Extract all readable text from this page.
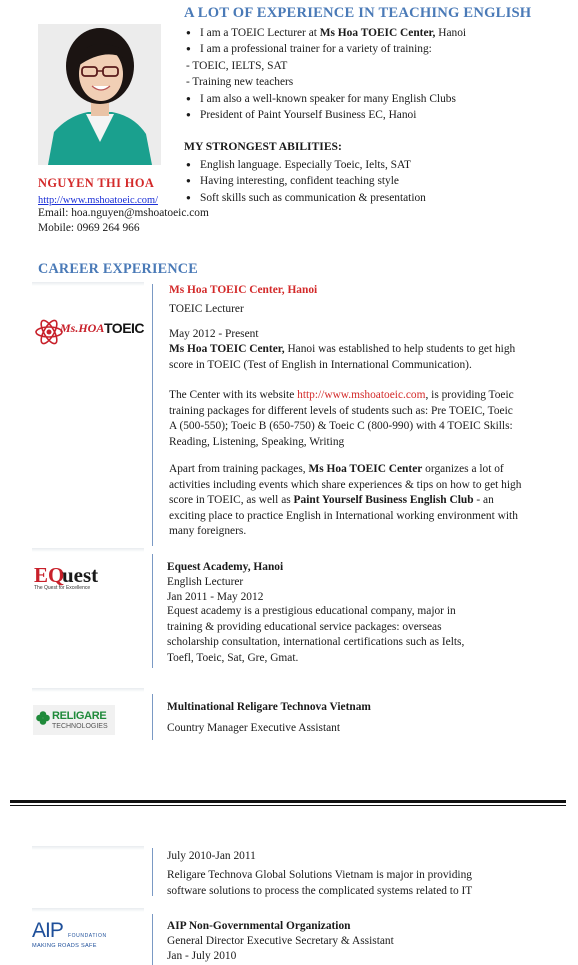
A LOT OF EXPERIENCE IN TEACHING ENGLISH
● I am a TOEIC Lecturer at Ms Hoa TOEIC Center, Hanoi
● I am a professional trainer for a variety of training:
- TOEIC, IELTS, SAT
- Training new teachers
● I am also a well-known speaker for many English Clubs
● President of Paint Yourself Business EC, Hanoi
MY STRONGEST ABILITIES:
● English language. Especially Toeic, Ielts, SAT
● Having interesting, confident teaching style
● Soft skills such as communication & presentation
NGUYEN THI HOA
http://www.mshoatoeic.com/
Email: hoa.nguyen@mshoatoeic.com
Mobile: 0969 264 966
CAREER EXPERIENCE
Ms.HOA TOEIC
Ms Hoa TOEIC Center, Hanoi
TOEIC Lecturer
May 2012 - Present
Ms Hoa TOEIC Center, Hanoi was established to help students to get high
score in TOEIC (Test of English in International Communication).
The Center with its website http://www.mshoatoeic.com, is providing Toeic
training packages for different levels of students such as: Pre TOEIC, Toeic
A (500-550); Toeic B (650-750) & Toeic C (800-990) with 4 TOEIC Skills:
Reading, Listening, Speaking, Writing
Apart from training packages, Ms Hoa TOEIC Center organizes a lot of
activities including events which share experiences & tips on how to get high
score in TOEIC, as well as Paint Yourself Business English Club - an
exciting place to practice English in International working environment with
many foreigners.
EQ
uest
The Quest for Excellence
Equest Academy, Hanoi
English Lecturer
Jan 2011 - May 2012
Equest academy is a prestigious educational company, major in
training & providing educational service packages: overseas
scholarship consultation, international certifications such as Ielts,
Toefl, Toeic, Sat, Gre, Gmat.
RELIGARE
TECHNOLOGIES
Multinational Religare Technova Vietnam
Country Manager Executive Assistant
July 2010-Jan 2011
Religare Technova Global Solutions Vietnam is major in providing
software solutions to process the complicated systems related to IT
AIP FOUNDATION
MAKING ROADS SAFE
AIP Non-Governmental Organization
General Director Executive Secretary & Assistant
Jan - July 2010
